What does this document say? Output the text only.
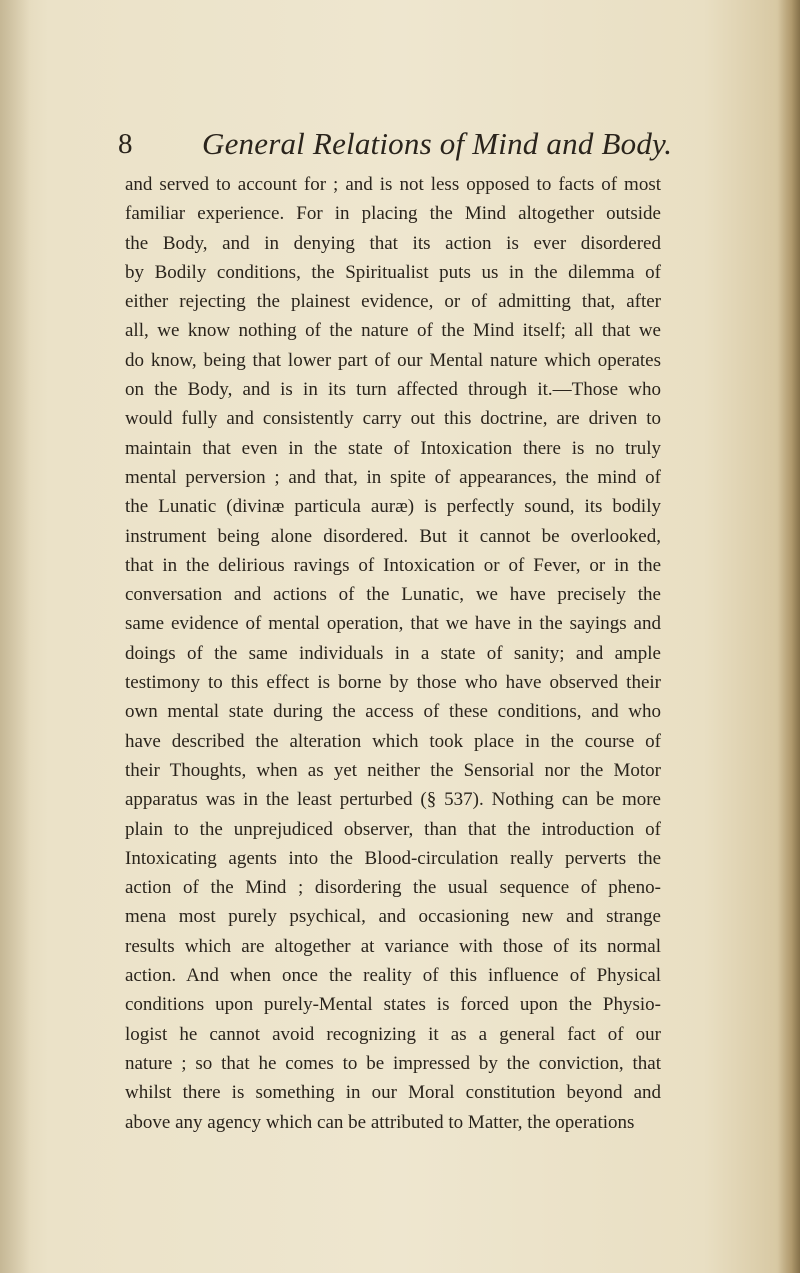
8 General Relations of Mind and Body.
and served to account for ; and is not less opposed to facts of most
familiar experience. For in placing the Mind altogether outside
the Body, and in denying that its action is ever disordered
by Bodily conditions, the Spiritualist puts us in the dilemma of
either rejecting the plainest evidence, or of admitting that, after
all, we know nothing of the nature of the Mind itself; all that we
do know, being that lower part of our Mental nature which operates
on the Body, and is in its turn affected through it.—Those who
would fully and consistently carry out this doctrine, are driven to
maintain that even in the state of Intoxication there is no truly
mental perversion ; and that, in spite of appearances, the mind of
the Lunatic (divinæ particula auræ) is perfectly sound, its bodily
instrument being alone disordered. But it cannot be overlooked,
that in the delirious ravings of Intoxication or of Fever, or in the
conversation and actions of the Lunatic, we have precisely the
same evidence of mental operation, that we have in the sayings and
doings of the same individuals in a state of sanity; and ample
testimony to this effect is borne by those who have observed their
own mental state during the access of these conditions, and who
have described the alteration which took place in the course of
their Thoughts, when as yet neither the Sensorial nor the Motor
apparatus was in the least perturbed (§ 537). Nothing can be more
plain to the unprejudiced observer, than that the introduction of
Intoxicating agents into the Blood-circulation really perverts the
action of the Mind ; disordering the usual sequence of pheno-
mena most purely psychical, and occasioning new and strange
results which are altogether at variance with those of its normal
action. And when once the reality of this influence of Physical
conditions upon purely-Mental states is forced upon the Physio-
logist he cannot avoid recognizing it as a general fact of our
nature ; so that he comes to be impressed by the conviction, that
whilst there is something in our Moral constitution beyond and
above any agency which can be attributed to Matter, the operations
